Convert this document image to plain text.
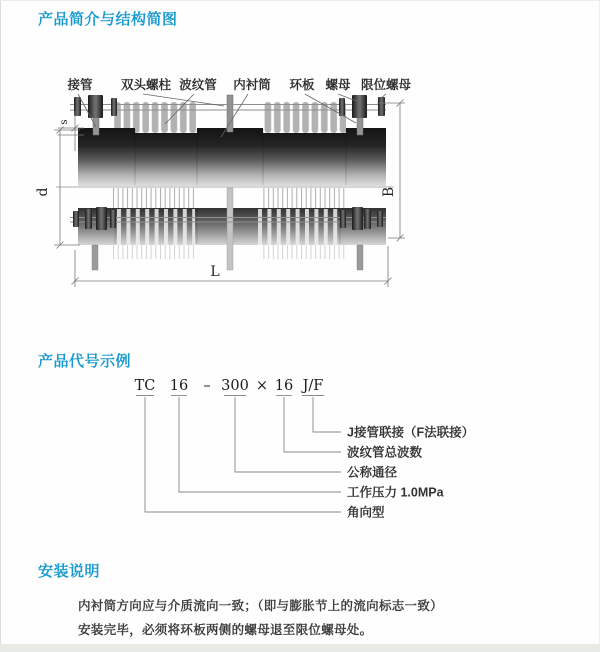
产品简介与结构简图
d
s
B
L
接管 双头螺柱 波纹管 内衬筒 环板 螺母 限位螺母
产品代号示例
TC 16 – 300 × 16 J/F
J接管联接（F法联接）
波纹管总波数
公称通径
工作压力 1.0MPa
角向型
安装说明

内衬筒方向应与介质流向一致；（即与膨胀节上的流向标志一致）

安装完毕，必须将环板两侧的螺母退至限位螺母处。
